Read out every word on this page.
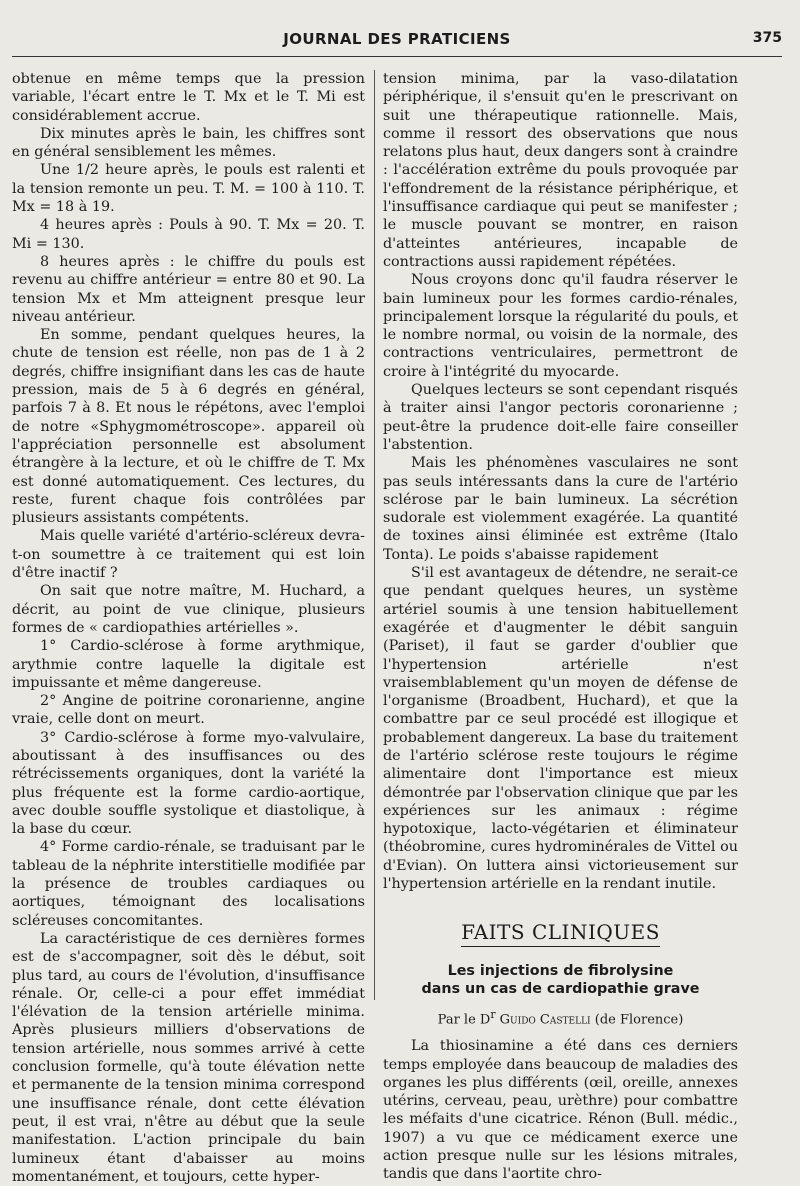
JOURNAL DES PRATICIENS	375

obtenue en même temps que la pression variable, l'écart entre le T. Mx et le T. Mi est considérablement accrue.

Dix minutes après le bain, les chiffres sont en général sensiblement les mêmes.

Une 1/2 heure après, le pouls est ralenti et la tension remonte un peu. T. M. = 100 à 110. T. Mx = 18 à 19.

4 heures après : Pouls à 90. T. Mx = 20. T. Mi = 130.

8 heures après : le chiffre du pouls est revenu au chiffre antérieur = entre 80 et 90. La tension Mx et Mm atteignent presque leur niveau antérieur.

En somme, pendant quelques heures, la chute de tension est réelle, non pas de 1 à 2 degrés, chiffre insignifiant dans les cas de haute pression, mais de 5 à 6 degrés en général, parfois 7 à 8. Et nous le répétons, avec l'emploi de notre «Sphygmométroscope». appareil où l'appréciation personnelle est absolument étrangère à la lecture, et où le chiffre de T. Mx est donné automatiquement. Ces lectures, du reste, furent chaque fois contrôlées par plusieurs assistants compétents.

Mais quelle variété d'artério-scléreux devra-t-on soumettre à ce traitement qui est loin d'être inactif ?

On sait que notre maître, M. Huchard, a décrit, au point de vue clinique, plusieurs formes de « cardiopathies artérielles ».

1° Cardio-sclérose à forme arythmique, arythmie contre laquelle la digitale est impuissante et même dangereuse.

2° Angine de poitrine coronarienne, angine vraie, celle dont on meurt.

3° Cardio-sclérose à forme myo-valvulaire, aboutissant à des insuffisances ou des rétrécissements organiques, dont la variété la plus fréquente est la forme cardio-aortique, avec double souffle systolique et diastolique, à la base du cœur.

4° Forme cardio-rénale, se traduisant par le tableau de la néphrite interstitielle modifiée par la présence de troubles cardiaques ou aortiques, témoignant des localisations scléreuses concomitantes.

La caractéristique de ces dernières formes est de s'accompagner, soit dès le début, soit plus tard, au cours de l'évolution, d'insuffisance rénale. Or, celle-ci a pour effet immédiat l'élévation de la tension artérielle minima. Après plusieurs milliers d'observations de tension artérielle, nous sommes arrivé à cette conclusion formelle, qu'à toute élévation nette et permanente de la tension minima correspond une insuffisance rénale, dont cette élévation peut, il est vrai, n'être au début que la seule manifestation. L'action principale du bain lumineux étant d'abaisser au moins momentanément, et toujours, cette hyper-

tension minima, par la vaso-dilatation périphérique, il s'ensuit qu'en le prescrivant on suit une thérapeutique rationnelle. Mais, comme il ressort des observations que nous relatons plus haut, deux dangers sont à craindre : l'accélération extrême du pouls provoquée par l'effondrement de la résistance périphérique, et l'insuffisance cardiaque qui peut se manifester ; le muscle pouvant se montrer, en raison d'atteintes antérieures, incapable de contractions aussi rapidement répétées.

Nous croyons donc qu'il faudra réserver le bain lumineux pour les formes cardio-rénales, principalement lorsque la régularité du pouls, et le nombre normal, ou voisin de la normale, des contractions ventriculaires, permettront de croire à l'intégrité du myocarde.

Quelques lecteurs se sont cependant risqués à traiter ainsi l'angor pectoris coronarienne ; peut-être la prudence doit-elle faire conseiller l'abstention.

Mais les phénomènes vasculaires ne sont pas seuls intéressants dans la cure de l'artério sclérose par le bain lumineux. La sécrétion sudorale est violemment exagérée. La quantité de toxines ainsi éliminée est extrême (Italo Tonta). Le poids s'abaisse rapidement

S'il est avantageux de détendre, ne serait-ce que pendant quelques heures, un système artériel soumis à une tension habituellement exagérée et d'augmenter le débit sanguin (Pariset), il faut se garder d'oublier que l'hypertension artérielle n'est vraisemblablement qu'un moyen de défense de l'organisme (Broadbent, Huchard), et que la combattre par ce seul procédé est illogique et probablement dangereux. La base du traitement de l'artério sclérose reste toujours le régime alimentaire dont l'importance est mieux démontrée par l'observation clinique que par les expériences sur les animaux : régime hypotoxique, lacto-végétarien et éliminateur (théobromine, cures hydrominérales de Vittel ou d'Evian). On luttera ainsi victorieusement sur l'hypertension artérielle en la rendant inutile.

FAITS CLINIQUES
Les injections de fibrolysine
dans un cas de cardiopathie grave
Par le $D^r$ Guido Castelli (de Florence)

La thiosinamine a été dans ces derniers temps employée dans beaucoup de maladies des organes les plus différents (œil, oreille, annexes utérins, cerveau, peau, urèthre) pour combattre les méfaits d'une cicatrice. Rénon (Bull. médic., 1907) a vu que ce médicament exerce une action presque nulle sur les lésions mitrales, tandis que dans l'aortite chro-
